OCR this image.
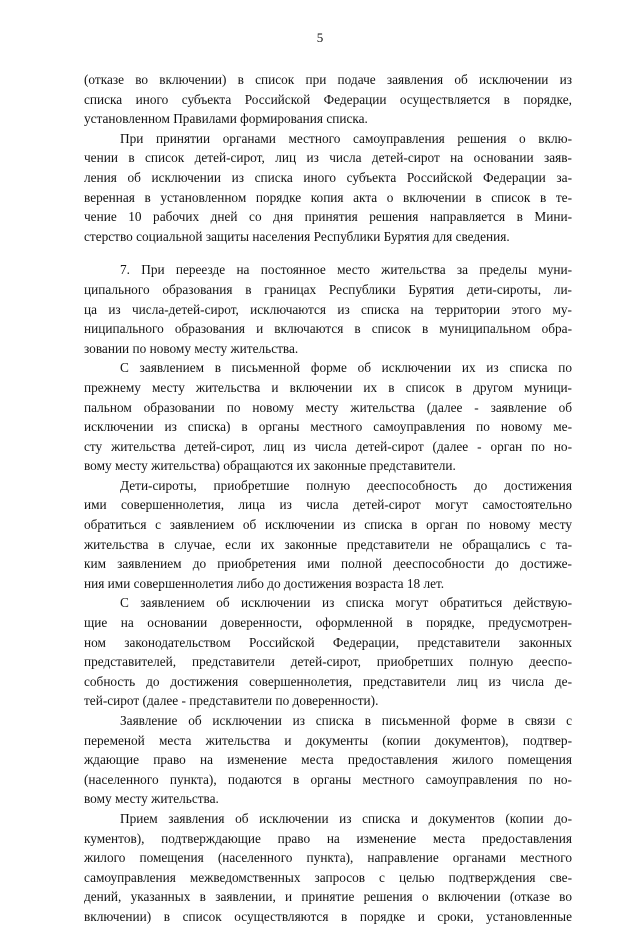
5
(отказе во включении) в список при подаче заявления об исключении из
списка иного субъекта Российской Федерации осуществляется в порядке,
установленном Правилами формирования списка.
При принятии органами местного самоуправления решения о вклю-
чении в список детей-сирот, лиц из числа детей-сирот на основании заяв-
ления об исключении из списка иного субъекта Российской Федерации за-
веренная в установленном порядке копия акта о включении в список в те-
чение 10 рабочих дней со дня принятия решения направляется в Мини-
стерство социальной защиты населения Республики Бурятия для сведения.
7. При переезде на постоянное место жительства за пределы муни-
ципального образования в границах Республики Бурятия дети-сироты, ли-
ца из числа-детей-сирот, исключаются из списка на территории этого му-
ниципального образования и включаются в список в муниципальном обра-
зовании по новому месту жительства.
С заявлением в письменной форме об исключении их из списка по
прежнему месту жительства и включении их в список в другом муници-
пальном образовании по новому месту жительства (далее - заявление об
исключении из списка) в органы местного самоуправления по новому ме-
сту жительства детей-сирот, лиц из числа детей-сирот (далее - орган по но-
вому месту жительства) обращаются их законные представители.
Дети-сироты, приобретшие полную дееспособность до достижения
ими совершеннолетия, лица из числа детей-сирот могут самостоятельно
обратиться с заявлением об исключении из списка в орган по новому месту
жительства в случае, если их законные представители не обращались с та-
ким заявлением до приобретения ими полной дееспособности до достиже-
ния ими совершеннолетия либо до достижения возраста 18 лет.
С заявлением об исключении из списка могут обратиться действую-
щие на основании доверенности, оформленной в порядке, предусмотрен-
ном законодательством Российской Федерации, представители законных
представителей, представители детей-сирот, приобретших полную дееспо-
собность до достижения совершеннолетия, представители лиц из числа де-
тей-сирот (далее - представители по доверенности).
Заявление об исключении из списка в письменной форме в связи с
переменой места жительства и документы (копии документов), подтвер-
ждающие право на изменение места предоставления жилого помещения
(населенного пункта), подаются в органы местного самоуправления по но-
вому месту жительства.
Прием заявления об исключении из списка и документов (копии до-
кументов), подтверждающие право на изменение места предоставления
жилого помещения (населенного пункта), направление органами местного
самоуправления межведомственных запросов с целью подтверждения све-
дений, указанных в заявлении, и принятие решения о включении (отказе во
включении) в список осуществляются в порядке и сроки, установленные
